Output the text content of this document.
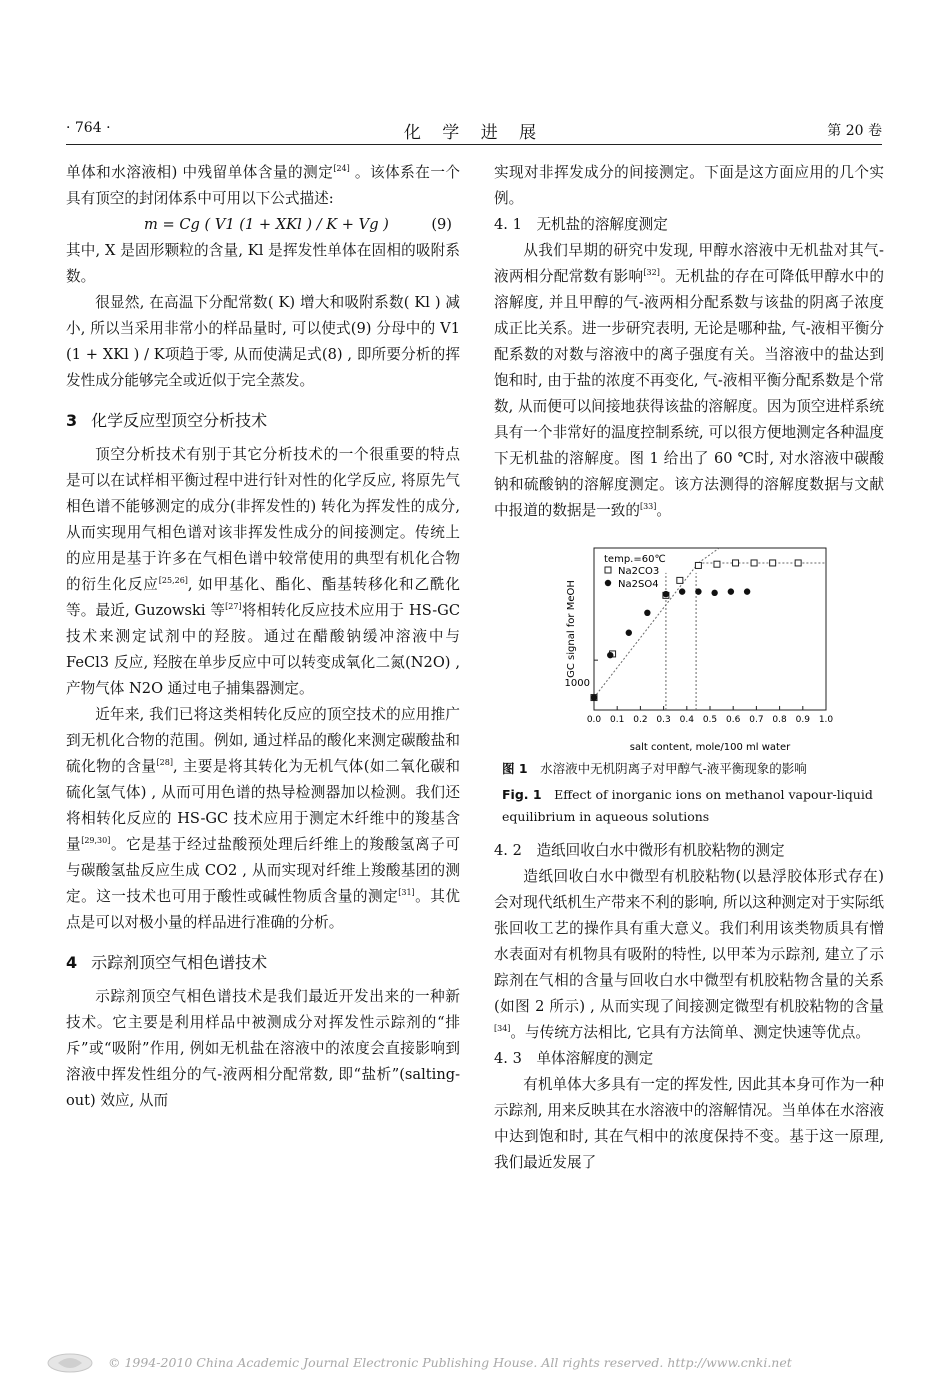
· 764 ·	化 学 进 展	第 20 卷

单体和水溶液相) 中残留单体含量的测定[24] 。该体系在一个具有顶空的封闭体系中可用以下公式描述:

m = Cg ( V1 (1 + XKl ) / K + Vg )	(9)

其中, X 是固形颗粒的含量, Kl 是挥发性单体在固相的吸附系数。

很显然, 在高温下分配常数( K) 增大和吸附系数( Kl ) 减小, 所以当采用非常小的样品量时, 可以使式(9) 分母中的 V1 (1 + XKl ) / K项趋于零, 从而使满足式(8) , 即所要分析的挥发性成分能够完全或近似于完全蒸发。

3 化学反应型顶空分析技术

顶空分析技术有别于其它分析技术的一个很重要的特点是可以在试样相平衡过程中进行针对性的化学反应, 将原先气相色谱不能够测定的成分(非挥发性的) 转化为挥发性的成分, 从而实现用气相色谱对该非挥发性成分的间接测定。传统上的应用是基于许多在气相色谱中较常使用的典型有机化合物的衍生化反应[25,26], 如甲基化、酯化、酯基转移化和乙酰化等。最近, Guzowski 等[27]将相转化反应技术应用于 HS-GC 技术来测定试剂中的羟胺。通过在醋酸钠缓冲溶液中与 FeCl3 反应, 羟胺在单步反应中可以转变成氧化二氮(N2O) , 产物气体 N2O 通过电子捕集器测定。

近年来, 我们已将这类相转化反应的顶空技术的应用推广到无机化合物的范围。例如, 通过样品的酸化来测定碳酸盐和硫化物的含量[28], 主要是将其转化为无机气体(如二氧化碳和硫化氢气体) , 从而可用色谱的热导检测器加以检测。我们还将相转化反应的 HS-GC 技术应用于测定木纤维中的羧基含量[29,30]。它是基于经过盐酸预处理后纤维上的羧酸氢离子可与碳酸氢盐反应生成 CO2 , 从而实现对纤维上羧酸基团的测定。这一技术也可用于酸性或碱性物质含量的测定[31]。其优点是可以对极小量的样品进行准确的分析。

4 示踪剂顶空气相色谱技术

示踪剂顶空气相色谱技术是我们最近开发出来的一种新技术。它主要是利用样品中被测成分对挥发性示踪剂的“排斥”或“吸附”作用, 例如无机盐在溶液中的浓度会直接影响到溶液中挥发性组分的气-液两相分配常数, 即“盐析”(salting-out) 效应, 从而

实现对非挥发成分的间接测定。下面是这方面应用的几个实例。

4. 1　无机盐的溶解度测定

从我们早期的研究中发现, 甲醇水溶液中无机盐对其气-液两相分配常数有影响[32]。无机盐的存在可降低甲醇水中的溶解度, 并且甲醇的气-液两相分配系数与该盐的阴离子浓度成正比关系。进一步研究表明, 无论是哪种盐, 气-液相平衡分配系数的对数与溶液中的离子强度有关。当溶液中的盐达到饱和时, 由于盐的浓度不再变化, 气-液相平衡分配系数是个常数, 从而便可以间接地获得该盐的溶解度。因为顶空进样系统具有一个非常好的温度控制系统, 可以很方便地测定各种温度下无机盐的溶解度。图 1 给出了 60 ℃时, 对水溶液中碳酸钠和硫酸钠的溶解度测定。该方法测得的溶解度数据与文献中报道的数据是一致的[33]。

GC signal for MeOH
salt content, mole/100 ml water
1000
temp.=60℃
Na2CO3
Na2SO4
0.0 0.1 0.2 0.3 0.4 0.5 0.6 0.7 0.8 0.9 1.0
图 1　 水溶液中无机阴离子对甲醇气-液平衡现象的影响
Fig. 1　 Effect of inorganic ions on methanol vapour-liquid equilibrium in aqueous solutions

4. 2　造纸回收白水中微形有机胶粘物的测定

造纸回收白水中微型有机胶粘物(以悬浮胶体形式存在) 会对现代纸机生产带来不利的影响, 所以这种测定对于实际纸张回收工艺的操作具有重大意义。我们利用该类物质具有憎水表面对有机物具有吸附的特性, 以甲苯为示踪剂, 建立了示踪剂在气相的含量与回收白水中微型有机胶粘物含量的关系(如图 2 所示) , 从而实现了间接测定微型有机胶粘物的含量[34]。与传统方法相比, 它具有方法简单、测定快速等优点。

4. 3　单体溶解度的测定

有机单体大多具有一定的挥发性, 因此其本身可作为一种示踪剂, 用来反映其在水溶液中的溶解情况。当单体在水溶液中达到饱和时, 其在气相中的浓度保持不变。基于这一原理, 我们最近发展了

© 1994-2010 China Academic Journal Electronic Publishing House. All rights reserved. http://www.cnki.net
